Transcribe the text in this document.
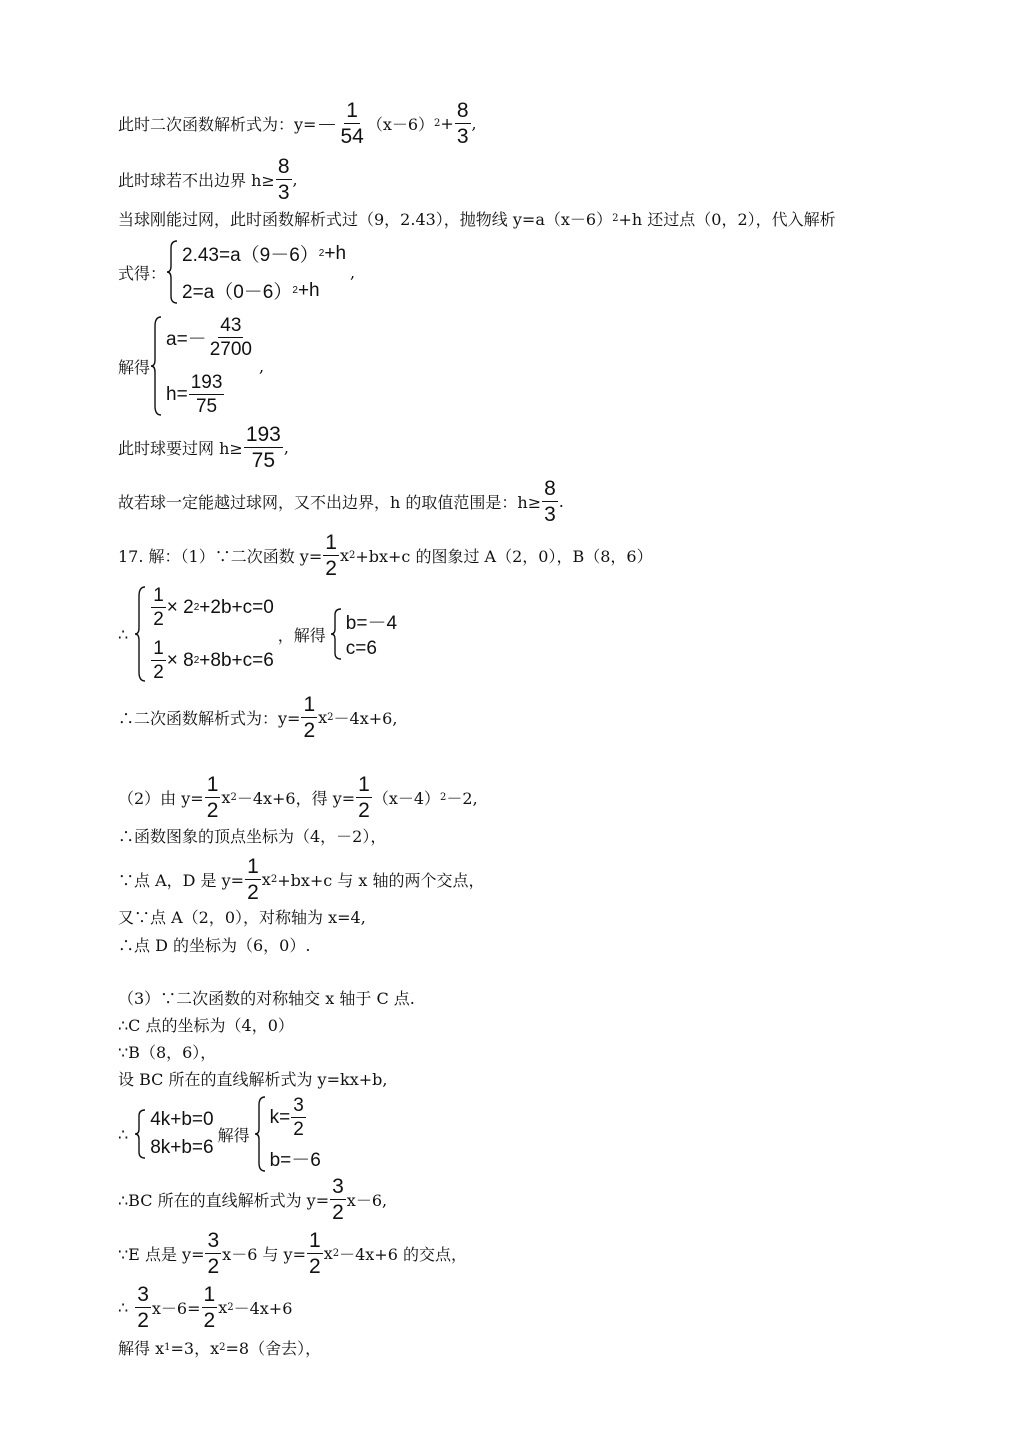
此时二次函数解析式为：$y= - \frac{1}{54} (x-6) 2 + \frac{8}{3}$ ,
此时球若不出边界 $h\ge \frac{8}{3}$ ,
当球刚能过网，此时函数解析式过（9，2.43），抛物线 y=a（x－6） 2 +h 还过点（0，2），代入解析
式得：
2.43=a（9－6） 2 +h
2=a（0－6） 2 +h
,
解得
$a=- \frac{43}{2700}$
$h= \frac{193}{75}$
,
此时球要过网 $h\ge \frac{193}{75}$ ,
故若球一定能越过球网，又不出边界，h 的取值范围是：$h\ge \frac{8}{3}$ .
17. 解：（1）∵二次函数 $y= \frac{1}{2}$ x 2 +bx+c 的图象过 A（2，0），B（8，6）
∴
$\frac{1}{2} \times 2$ 2 +2b+c=0
$\frac{1}{2} \times 8$ 2 +8b+c=6
，解得
b=－4
c=6
∴二次函数解析式为：$y= \frac{1}{2}$ x 2 －4x+6,
（2）由 $y= \frac{1}{2}$ x 2 －4x+6，得 $y= \frac{1}{2} (x-4)$ 2 －2,
∴函数图象的顶点坐标为（4，－2），
∵点 A，D 是 $y= \frac{1}{2}$ x 2 +bx+c 与 x 轴的两个交点，
又∵点 A（2，0），对称轴为 x=4,
∴点 D 的坐标为（6，0）.
（3）∵二次函数的对称轴交 x 轴于 C 点.
∴C 点的坐标为（4，0）
∵B（8，6），
设 BC 所在的直线解析式为 y=kx+b,
∴
4k+b=0
8k+b=6
解得
$k= \frac{3}{2}$
b=－6
∴BC 所在的直线解析式为 $y= \frac{3}{2} x-6$,
∵E 点是 $y= \frac{3}{2} x-6$ 与 $y= \frac{1}{2}$ x 2 －4x+6 的交点，
∴ $\frac{3}{2} x-6= \frac{1}{2}$ x 2 －4x+6
解得 x 1 =3，x 2 =8（舍去），
